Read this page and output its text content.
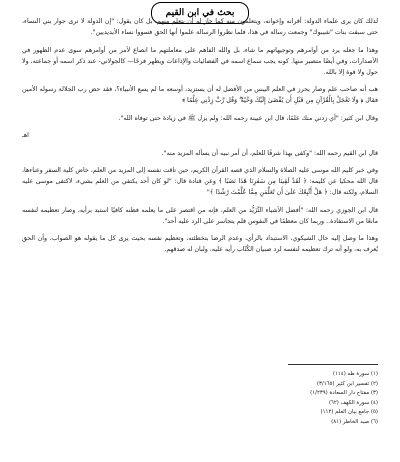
بحث في ابن القيم

لذلك كان يرى علماء الدولة: أقرانه وإخوانه، ويتعلمون منه كما جاز له أن يتعلم منهم، بل كان يقول: "إن الدولة لا ترى جوار بني النساء، حتى سبقت بنات "شيبوك" وجمعت رسالة في هذا، فلما نظروا الرسالة علموا أنها الحق فسووا نساء الأيديديين".

وهذا ما جعله يرد من أوامرهم وتوجيهاتهم ما شاء، بل والله الفاهم على معاملتهم ما انصاع لأمر من أوامرهم سوى عدم الظهور في الأصدارات، وفي أيضًا متصير منها. كونه يجب سماع اسمه في الفضائيات والإذاعات ويظهر فرحًا— كالجولاني- عند ذكر اسمه أو جماعته، ولا حول ولا قوة إلا بالله.

هب أنه صاحب علم وصار يحرز في العلم اليبس من الأفضل له أن يستزيد، أوسعه ما لم يسع الأنبياء؟، فقد حض رب الجلالة رسوله الأمين فقال ﴿ وَلَا تَعْجَلْ بِالْقُرْآنِ مِن قَبْلِ أَن يُقْضَىٰ إِلَيْكَ وَحْيُهُ ۖ وَقُل رَّبِّ زِدْنِي عِلْمًا ﴾

وقال ابن كثير: "أي زدني منك علمًا، قال ابن عيينة رحمه الله: ولم يزل ﷺ في زيادة حتى توفاه الله".

اهـ

قال ابن القيم رحمه الله: "وكفى بهذا شرفًا للعلم، أن أمر نبيه أن يسأله المزيد منه".

وفي خبر كليم الله موسى عليه الصلاة والسلام الذي قصه القرآن الكريم، حين تاقت نفسه إلى المزيد من العلم، خاض كلية السفر وعناءها، قال الله محكيا عن كليمه: ﴿ لَقَدْ لَقِينَا مِن سَفَرِنَا هَٰذَا نَصَبًا ﴾ وعن قتادة قال: "لو كان أحد يكتفي من العلم بشيء، لاكتفى موسى عليه السلام، ولكنه قال: ﴿ هَلْ أَتَّبِعُكَ عَلَىٰ أَن تُعَلِّمَنِ مِمَّا عُلِّمْتَ رُشْدًا ﴾"

قال ابن الجوزي رحمه الله: "أفضل الأشياء التَّزَيُّد من العلم، فإنه من اقتصر على ما يعلمه فظنه كافيًا استبد برأيه، وصار تعظيمه لنفسه مانعًا من الاستفادة.. وربما كان معظمًا في النفوس فلم يتجاسر على الرد عليه أحد".

وهذا ما وصل إليه حال الشيكوي، الاستبداد بالرأي، وعدم الرضا بتخطئته، وتعظيم نفسه بحيث يرى كل ما يقوله هو الصواب، وأن الحق يُعرف به، ولو أنه ترك تعظيمه لنفسه لرد صبيان الكُتّاب رأيه عليه، ولبان له صدقهم.

(١) سورة طه (١١٤)
(٢) تفسير ابن كثير (٣/١٦٥)
(٣) مفتاح دار السعادة (١/٢٣٩)
(٤) سورة الكهف (٦٢)
(٥) جامع بيان العلم (١١٢)
(٦) صيد الخاطر (٨١)
